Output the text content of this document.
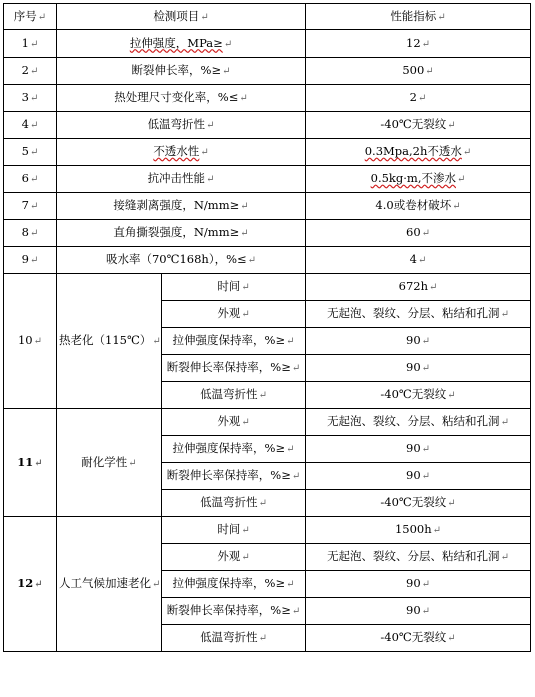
序号↵	检测项目↵		性能指标↵
1↵	拉伸强度，MPa≥↵		12↵
2↵	断裂伸长率，%≥↵		500↵
3↵	热处理尺寸变化率，%≤↵		2↵
4↵	低温弯折性↵		-40℃无裂纹↵
5↵	不透水性↵		0.3Mpa,2h不透水↵
6↵	抗冲击性能↵		0.5kg·m,不渗水↵
7↵	接缝剥离强度，N/mm≥↵		4.0或卷材破坏↵
8↵	直角撕裂强度，N/mm≥↵		60↵
9↵	吸水率（70℃168h），%≤↵		4↵
10↵	热老化（115℃）↵	时间↵	672h↵
		外观↵	无起泡、裂纹、分层、粘结和孔洞↵
		拉伸强度保持率，%≥↵	90↵
		断裂伸长率保持率，%≥↵	90↵
		低温弯折性↵	-40℃无裂纹↵
11↵	耐化学性↵	外观↵	无起泡、裂纹、分层、粘结和孔洞↵
		拉伸强度保持率，%≥↵	90↵
		断裂伸长率保持率，%≥↵	90↵
		低温弯折性↵	-40℃无裂纹↵
12↵	人工气候加速老化↵	时间↵	1500h↵
		外观↵	无起泡、裂纹、分层、粘结和孔洞↵
		拉伸强度保持率，%≥↵	90↵
		断裂伸长率保持率，%≥↵	90↵
		低温弯折性↵	-40℃无裂纹↵
